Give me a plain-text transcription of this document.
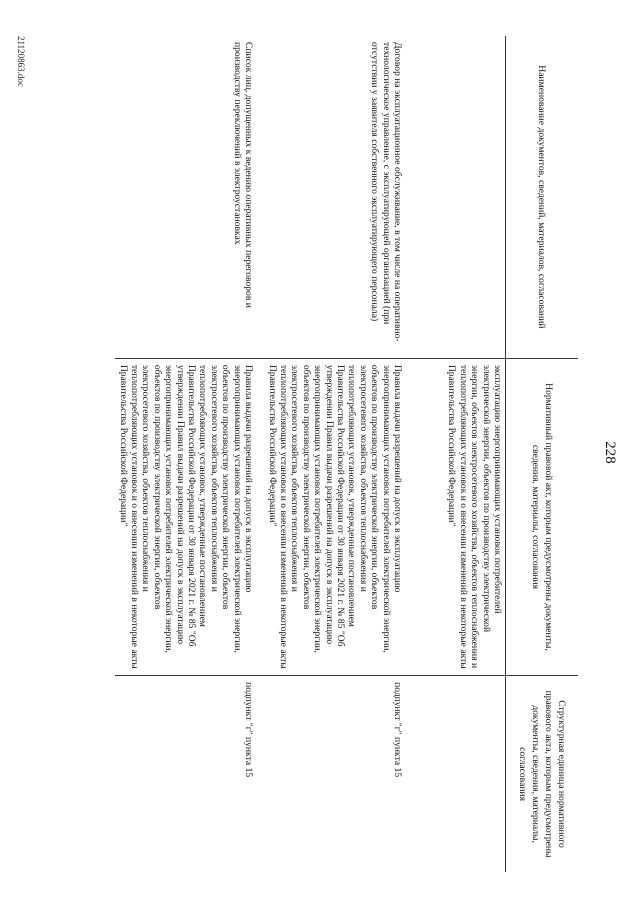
228
Наименование документов, сведений, материалов, согласований	Нормативный правовой акт, которым предусмотрены документы, сведения, материалы, согласования	Структурная единица нормативного правового акта, которым предусмотрены документы, сведения, материалы, согласования
	эксплуатацию энергопринимающих установок потребителей электрической энергии, объектов по производству электрической энергии, объектов электросетевого хозяйства, объектов теплоснабжения и теплопотребляющих установок и о внесении изменений в некоторые акты Правительства Российской Федерации"	
Договор на эксплуатационное обслуживание, в том числе на оперативно-технологическое управление, с эксплуатирующей организацией (при отсутствии у заявителя собственного эксплуатирующего персонала)	Правила выдачи разрешений на допуск в эксплуатацию энергопринимающих установок потребителей электрической энергии, объектов по производству электрической энергии, объектов электросетевого хозяйства, объектов теплоснабжения и теплопотребляющих установок, утвержденные постановлением Правительства Российской Федерации от 30 января 2021 г. № 85 "Об утверждении Правил выдачи разрешений на допуск в эксплуатацию энергопринимающих установок потребителей электрической энергии, объектов по производству электрической энергии, объектов электросетевого хозяйства, объектов теплоснабжения и теплопотребляющих установок и о внесении изменений в некоторые акты Правительства Российской Федерации"	подпункт "г" пункта 15
Список лиц, допущенных к ведению оперативных переговоров и производству переключений в электроустановках	Правила выдачи разрешений на допуск в эксплуатацию энергопринимающих установок потребителей электрической энергии, объектов по производству электрической энергии, объектов электросетевого хозяйства, объектов теплоснабжения и теплопотребляющих установок, утвержденные постановлением Правительства Российской Федерации от 30 января 2021 г. № 85 "Об утверждении Правил выдачи разрешений на допуск в эксплуатацию энергопринимающих установок потребителей электрической энергии, объектов по производству электрической энергии, объектов электросетевого хозяйства, объектов теплоснабжения и теплопотребляющих установок и о внесении изменений в некоторые акты Правительства Российской Федерации"	подпункт "г" пункта 15
21120863.doc
